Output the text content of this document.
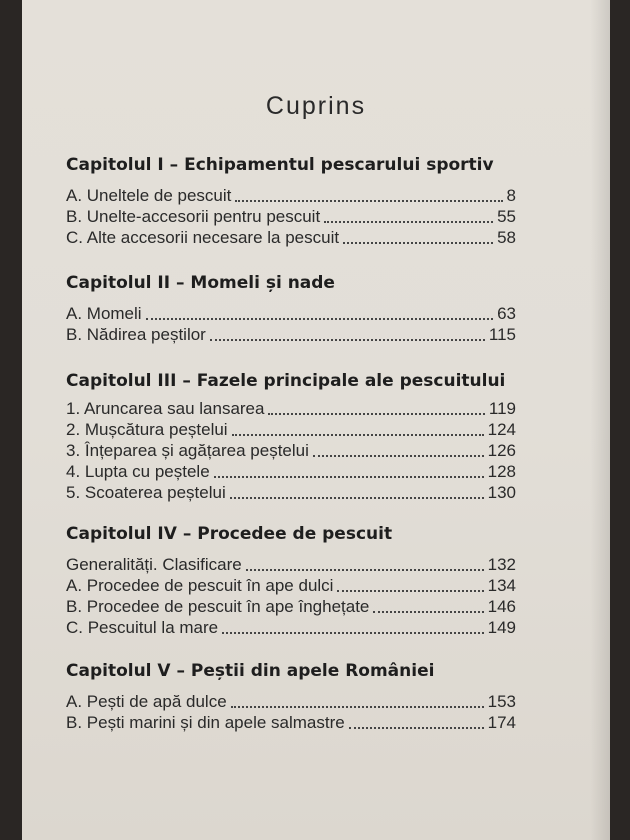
Cuprins
Capitolul I – Echipamentul pescarului sportiv
A. Uneltele de pescuit	8
B. Unelte-accesorii pentru pescuit	55
C. Alte accesorii necesare la pescuit	58
Capitolul II – Momeli și nade
A. Momeli	63
B. Nădirea peștilor	115
Capitolul III – Fazele principale ale pescuitului
1. Aruncarea sau lansarea	119
2. Mușcătura peștelui	124
3. Înțeparea și agățarea peștelui	126
4. Lupta cu peștele	128
5. Scoaterea peștelui	130
Capitolul IV – Procedee de pescuit
Generalități. Clasificare	132
A. Procedee de pescuit în ape dulci	134
B. Procedee de pescuit în ape înghețate	146
C. Pescuitul la mare	149
Capitolul V – Peștii din apele României
A. Pești de apă dulce	153
B. Pești marini și din apele salmastre	174
